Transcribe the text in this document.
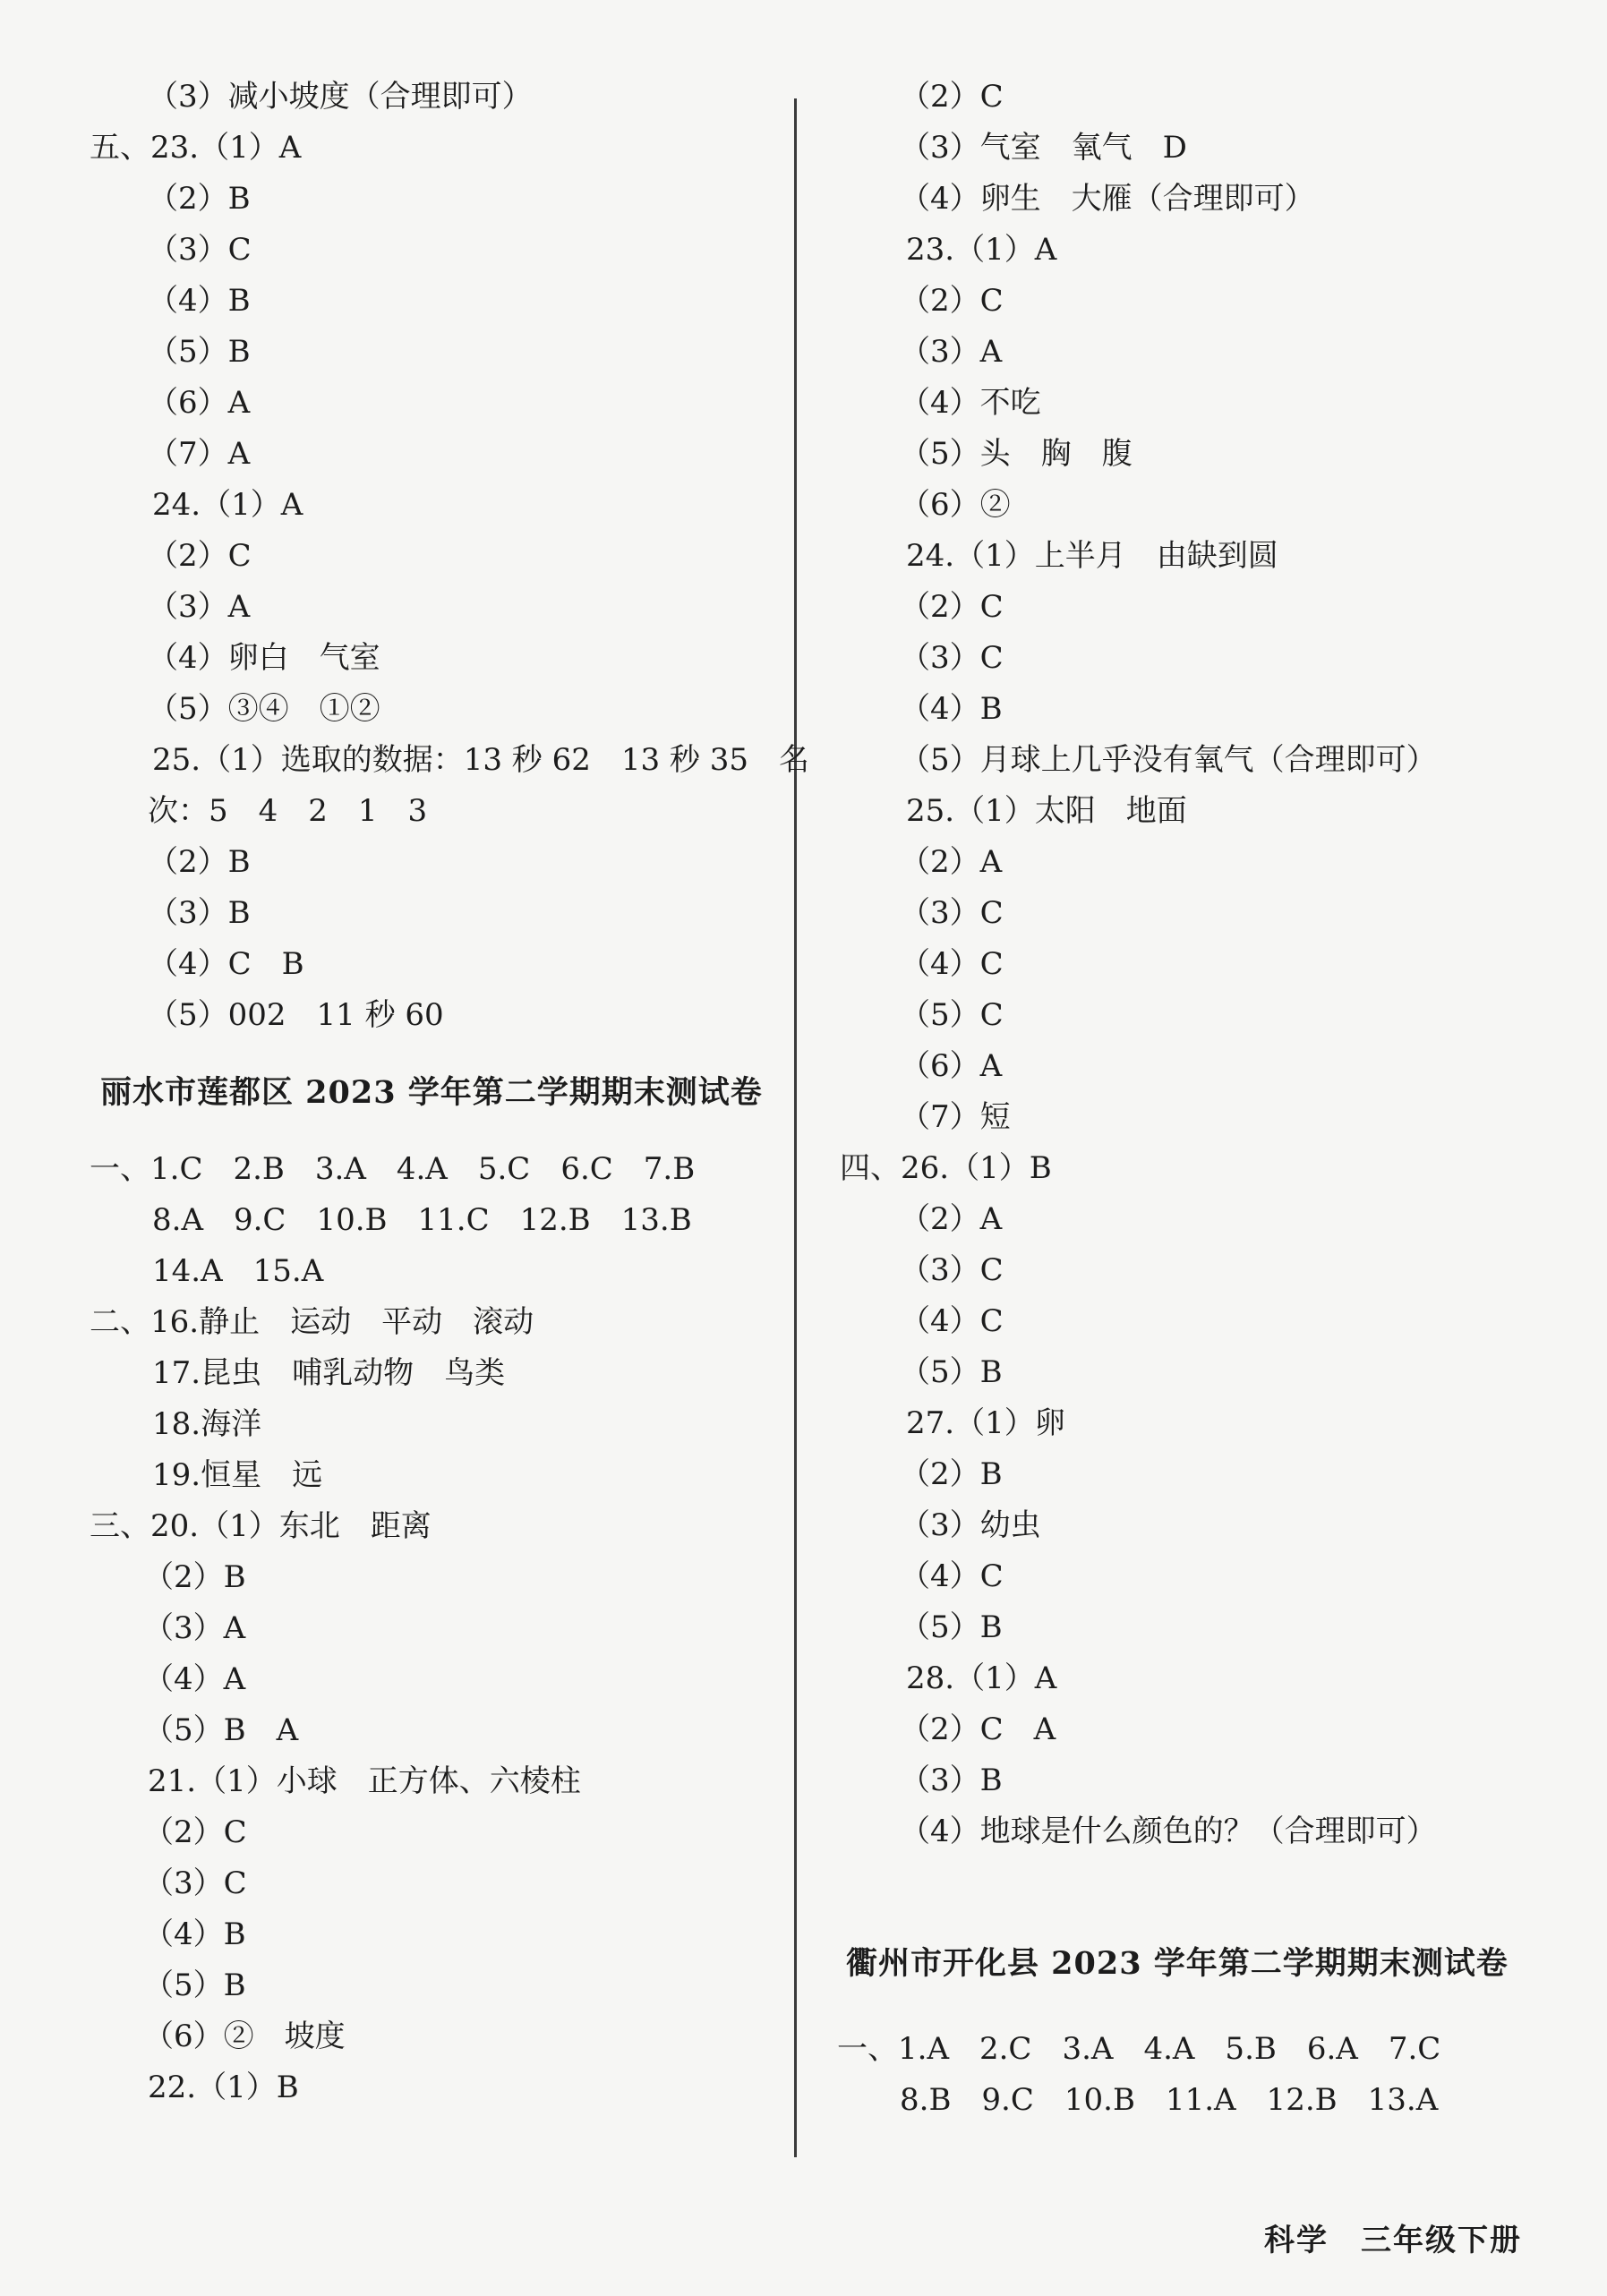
丽水市莲都区 2023 学年第二学期期末测试卷
衢州市开化县 2023 学年第二学期期末测试卷
科学　三年级下册
（3）减小坡度（合理即可）
五、23.（1）A
（2）B
（3）C
（4）B
（5）B
（6）A
（7）A
24.（1）A
（2）C
（3）A
（4）卵白　气室
（5）③④　①②
25.（1）选取的数据：13 秒 62　13 秒 35　名
次：5　4　2　1　3
（2）B
（3）B
（4）C　B
（5）002　11 秒 60
一、1.C　2.B　3.A　4.A　5.C　6.C　7.B
8.A　9.C　10.B　11.C　12.B　13.B
14.A　15.A
二、16.静止　运动　平动　滚动
17.昆虫　哺乳动物　鸟类
18.海洋
19.恒星　远
三、20.（1）东北　距离
（2）B
（3）A
（4）A
（5）B　A
21.（1）小球　正方体、六棱柱
（2）C
（3）C
（4）B
（5）B
（6）②　坡度
22.（1）B
（2）C
（3）气室　氧气　D
（4）卵生　大雁（合理即可）
23.（1）A
（2）C
（3）A
（4）不吃
（5）头　胸　腹
（6）②
24.（1）上半月　由缺到圆
（2）C
（3）C
（4）B
（5）月球上几乎没有氧气（合理即可）
25.（1）太阳　地面
（2）A
（3）C
（4）C
（5）C
（6）A
（7）短
四、26.（1）B
（2）A
（3）C
（4）C
（5）B
27.（1）卵
（2）B
（3）幼虫
（4）C
（5）B
28.（1）A
（2）C　A
（3）B
（4）地球是什么颜色的？（合理即可）
一、1.A　2.C　3.A　4.A　5.B　6.A　7.C
8.B　9.C　10.B　11.A　12.B　13.A
